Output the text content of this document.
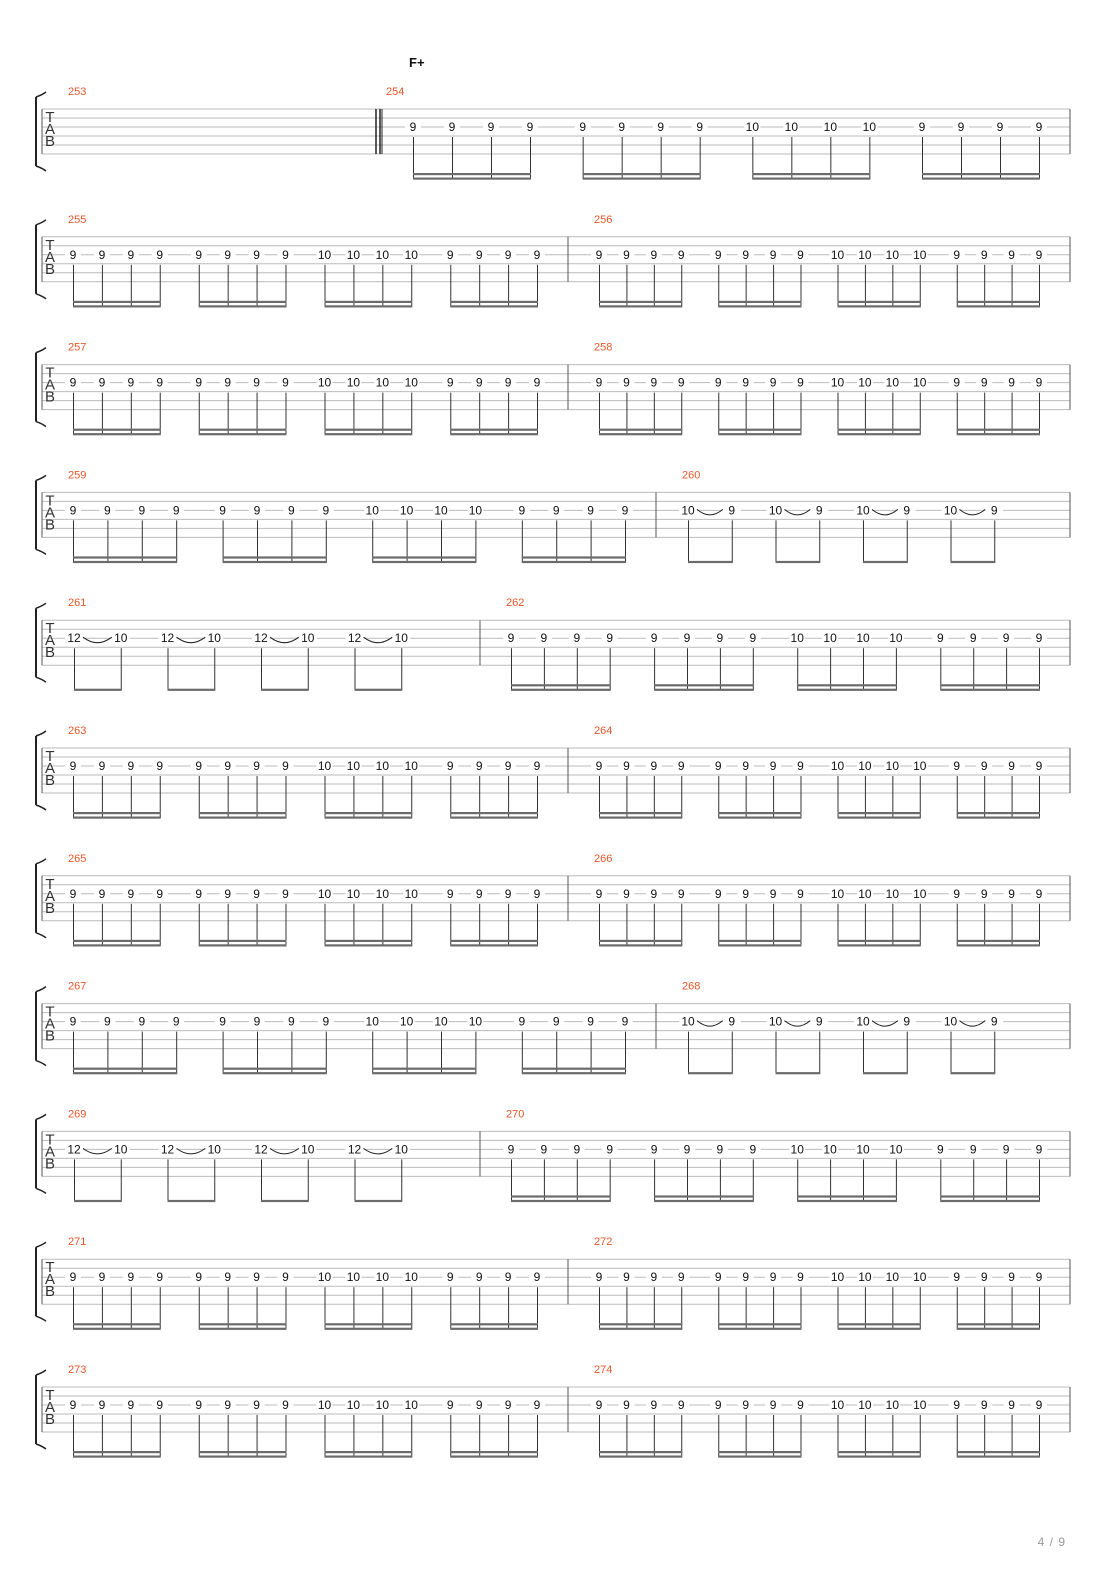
T
A
B
253	254
F+
9	9	9	9	9	9	9	9	10 10 10 10	9	9	9	9
T
A
B
255
9 9 9 9	9 9 9 9 10 10 10 10 9 9 9 9
256
9 9 9 9	9 9 9 9 10 10 10 10 9 9 9 9
T
A
B
257
9 9 9 9	9 9 9 9 10 10 10 10 9 9 9 9
258
9 9 9 9	9 9 9 9 10 10 10 10 9 9 9 9
T
A
B
259
9 9 9 9	9 9 9 9	10 10 10 10	9 9 9 9
260
10	9	10	9	10	9	10	9
T
A
B
261
12	10	12	10	12	10	12	10
262
9 9 9 9	9 9 9 9	10 10 10 10	9 9 9 9
T
A
B
263
9 9 9 9	9 9 9 9 10 10 10 10 9 9 9 9
264
9 9 9 9	9 9 9 9 10 10 10 10 9 9 9 9
T
A
B
265
9 9 9 9	9 9 9 9 10 10 10 10 9 9 9 9
266
9 9 9 9	9 9 9 9 10 10 10 10 9 9 9 9
T
A
B
267
9 9 9 9	9 9 9 9	10 10 10 10	9 9 9 9
268
10	9	10	9	10	9	10	9
T
A
B
269
12	10	12	10	12	10	12	10
270
9 9 9 9	9 9 9 9	10 10 10 10	9 9 9 9
T
A
B
271
9 9 9 9	9 9 9 9 10 10 10 10 9 9 9 9
272
9 9 9 9	9 9 9 9 10 10 10 10 9 9 9 9
T
A
B
273
9 9 9 9	9 9 9 9 10 10 10 10 9 9 9 9
274
9 9 9 9	9 9 9 9 10 10 10 10 9 9 9 9
4 / 9
